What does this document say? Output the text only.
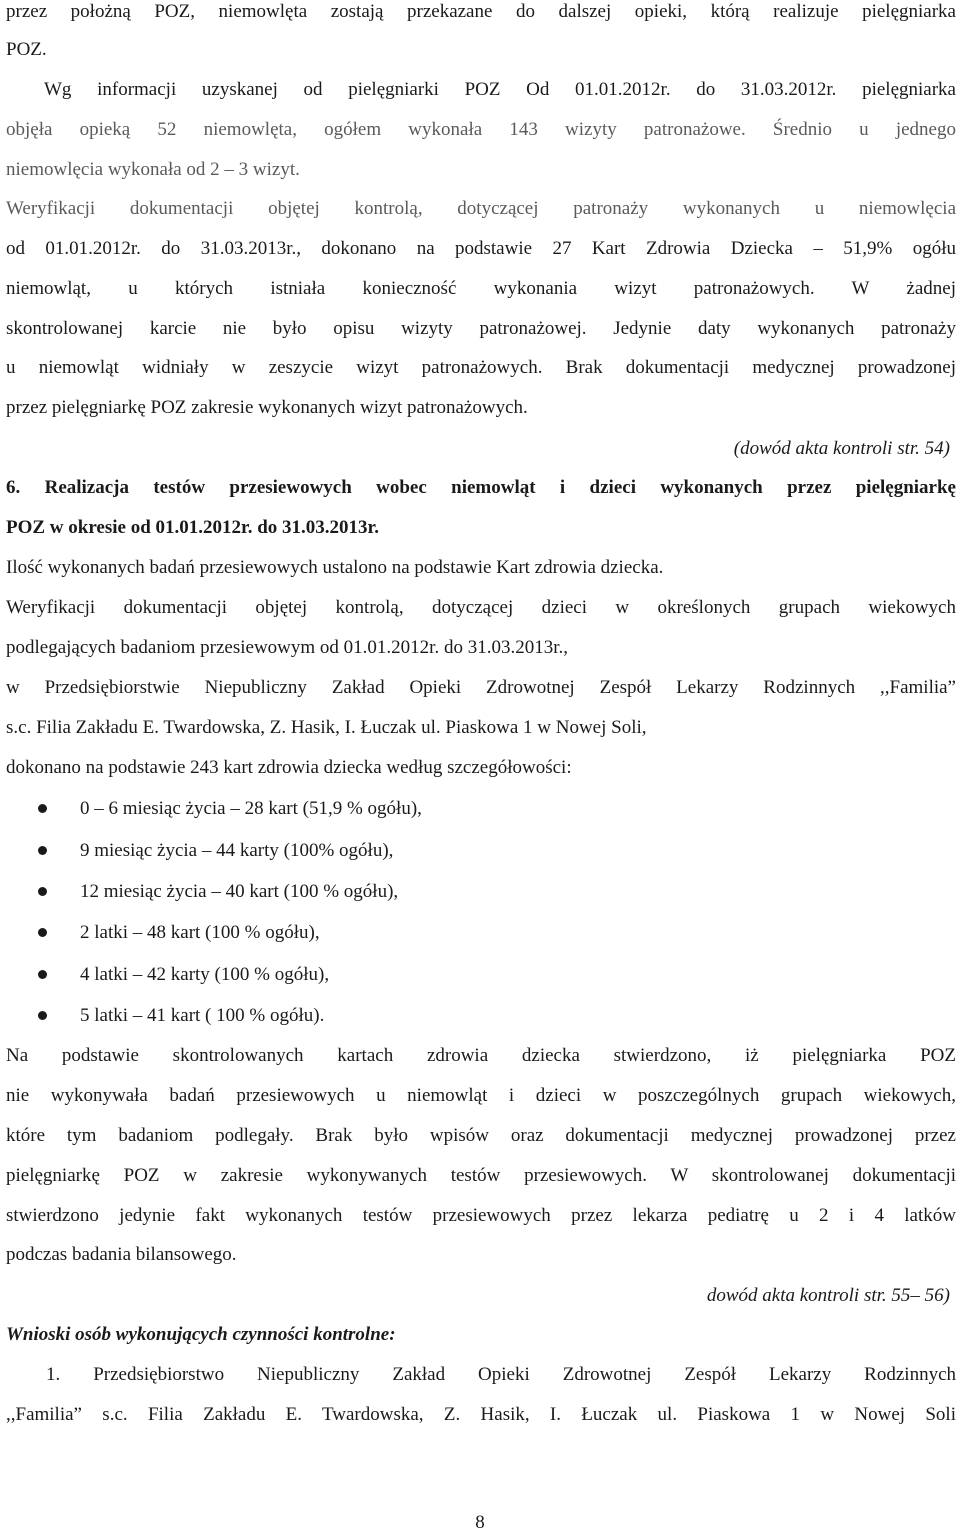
przez położną POZ, niemowlęta zostają przekazane do dalszej opieki, którą realizuje pielęgniarka
POZ.
Wg informacji uzyskanej od pielęgniarki POZ Od 01.01.2012r. do 31.03.2012r. pielęgniarka
objęła opieką 52 niemowlęta, ogółem wykonała 143 wizyty patronażowe. Średnio u jednego
niemowlęcia wykonała od 2 – 3 wizyt.
Weryfikacji dokumentacji objętej kontrolą, dotyczącej patronaży wykonanych u niemowlęcia
od 01.01.2012r. do 31.03.2013r., dokonano na podstawie 27 Kart Zdrowia Dziecka – 51,9% ogółu
niemowląt, u których istniała konieczność wykonania wizyt patronażowych. W żadnej
skontrolowanej karcie nie było opisu wizyty patronażowej. Jedynie daty wykonanych patronaży
u niemowląt widniały w zeszycie wizyt patronażowych. Brak dokumentacji medycznej prowadzonej
przez pielęgniarkę POZ zakresie wykonanych wizyt patronażowych.
(dowód akta kontroli str. 54)
6. Realizacja testów przesiewowych wobec niemowląt i dzieci wykonanych przez pielęgniarkę
POZ w okresie od 01.01.2012r. do 31.03.2013r.
Ilość wykonanych badań przesiewowych ustalono na podstawie Kart zdrowia dziecka.
Weryfikacji dokumentacji objętej kontrolą, dotyczącej dzieci w określonych grupach wiekowych
podlegających badaniom przesiewowym od 01.01.2012r. do 31.03.2013r.,
w Przedsiębiorstwie Niepubliczny Zakład Opieki Zdrowotnej Zespół Lekarzy Rodzinnych ,,Familia”
s.c. Filia Zakładu E. Twardowska, Z. Hasik, I. Łuczak ul. Piaskowa 1 w Nowej Soli,
dokonano na podstawie 243 kart zdrowia dziecka według szczegółowości:
0 – 6 miesiąc życia – 28 kart (51,9 % ogółu),
9 miesiąc życia – 44 karty (100% ogółu),
12 miesiąc życia – 40 kart (100 % ogółu),
2 latki – 48 kart (100 % ogółu),
4 latki – 42 karty (100 % ogółu),
5 latki – 41 kart ( 100 % ogółu).
Na podstawie skontrolowanych kartach zdrowia dziecka stwierdzono, iż pielęgniarka POZ
nie wykonywała badań przesiewowych u niemowląt i dzieci w poszczególnych grupach wiekowych,
które tym badaniom podlegały. Brak było wpisów oraz dokumentacji medycznej prowadzonej przez
pielęgniarkę POZ w zakresie wykonywanych testów przesiewowych. W skontrolowanej dokumentacji
stwierdzono jedynie fakt wykonanych testów przesiewowych przez lekarza pediatrę u 2 i 4 latków
podczas badania bilansowego.
dowód akta kontroli str. 55– 56)
Wnioski osób wykonujących czynności kontrolne:
1. Przedsiębiorstwo Niepubliczny Zakład Opieki Zdrowotnej Zespół Lekarzy Rodzinnych
,,Familia” s.c. Filia Zakładu E. Twardowska, Z. Hasik, I. Łuczak ul. Piaskowa 1 w Nowej Soli
8
